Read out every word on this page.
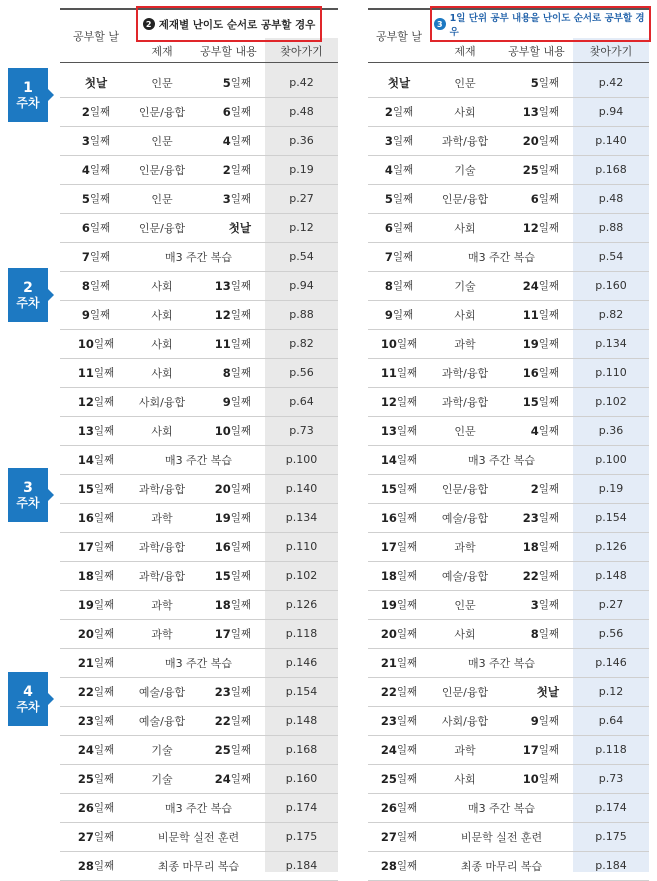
1
주차
2
주차
3
주차
4
주차
공부할 날
2 제재별 난이도 순서로 공부할 경우
제재	공부할 내용	찾아가기
첫날	인문	5 일째	p.42
2 일째	인문/융합	6 일째	p.48
3 일째	인문	4 일째	p.36
4 일째	인문/융합	2 일째	p.19
5 일째	인문	3 일째	p.27
6 일째	인문/융합	첫날	p.12
7 일째	매3 주간 복습	p.54
8 일째	사회	13 일째	p.94
9 일째	사회	12 일째	p.88
10 일째	사회	11 일째	p.82
11 일째	사회	8 일째	p.56
12 일째	사회/융합	9 일째	p.64
13 일째	사회	10 일째	p.73
14 일째	매3 주간 복습	p.100
15 일째	과학/융합	20 일째	p.140
16 일째	과학	19 일째	p.134
17 일째	과학/융합	16 일째	p.110
18 일째	과학/융합	15 일째	p.102
19 일째	과학	18 일째	p.126
20 일째	과학	17 일째	p.118
21 일째	매3 주간 복습	p.146
22 일째	예술/융합	23 일째	p.154
23 일째	예술/융합	22 일째	p.148
24 일째	기술	25 일째	p.168
25 일째	기술	24 일째	p.160
26 일째	매3 주간 복습	p.174
27 일째	비문학 실전 훈련	p.175
28 일째	최종 마무리 복습	p.184
공부할 날
3 1일 단위 공부 내용을 난이도 순서로 공부할 경우
제재	공부할 내용	찾아가기
첫날	인문	5 일째	p.42
2 일째	사회	13 일째	p.94
3 일째	과학/융합	20 일째	p.140
4 일째	기술	25 일째	p.168
5 일째	인문/융합	6 일째	p.48
6 일째	사회	12 일째	p.88
7 일째	매3 주간 복습	p.54
8 일째	기술	24 일째	p.160
9 일째	사회	11 일째	p.82
10 일째	과학	19 일째	p.134
11 일째	과학/융합	16 일째	p.110
12 일째	과학/융합	15 일째	p.102
13 일째	인문	4 일째	p.36
14 일째	매3 주간 복습	p.100
15 일째	인문/융합	2 일째	p.19
16 일째	예술/융합	23 일째	p.154
17 일째	과학	18 일째	p.126
18 일째	예술/융합	22 일째	p.148
19 일째	인문	3 일째	p.27
20 일째	사회	8 일째	p.56
21 일째	매3 주간 복습	p.146
22 일째	인문/융합	첫날	p.12
23 일째	사회/융합	9 일째	p.64
24 일째	과학	17 일째	p.118
25 일째	사회	10 일째	p.73
26 일째	매3 주간 복습	p.174
27 일째	비문학 실전 훈련	p.175
28 일째	최종 마무리 복습	p.184
